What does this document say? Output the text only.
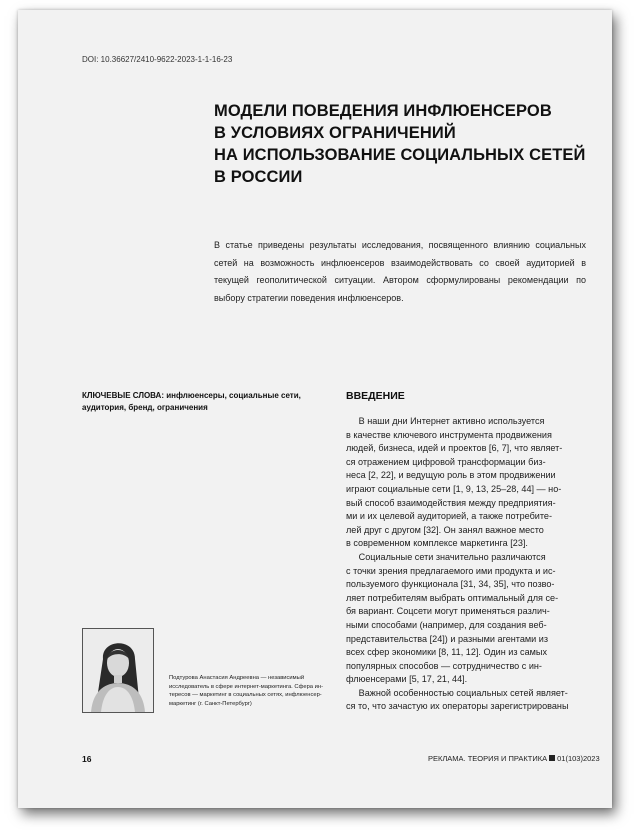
DOI: 10.36627/2410-9622-2023-1-1-16-23
МОДЕЛИ ПОВЕДЕНИЯ ИНФЛЮЕНСЕРОВ
В УСЛОВИЯХ ОГРАНИЧЕНИЙ
НА ИСПОЛЬЗОВАНИЕ СОЦИАЛЬНЫХ СЕТЕЙ
В РОССИИ
В статье приведены результаты исследования, посвященного влиянию социальных сетей на возможность инфлюенсеров взаимодействовать со своей аудиторией в текущей геополитической ситуации. Автором сформулированы рекомендации по выбору стратегии поведения инфлюенсеров.
КЛЮЧЕВЫЕ СЛОВА: инфлюенсеры, социальные сети, аудитория, бренд, ограничения
ВВЕДЕНИЕ
В наши дни Интернет активно используется
в качестве ключевого инструмента продвижения
людей, бизнеса, идей и проектов [6, 7], что являет-
ся отражением цифровой трансформации биз-
неса [2, 22], и ведущую роль в этом продвижении
играют социальные сети [1, 9, 13, 25–28, 44] — но-
вый способ взаимодействия между предприятия-
ми и их целевой аудиторией, а также потребите-
лей друг с другом [32]. Он занял важное место
в современном комплексе маркетинга [23].
Социальные сети значительно различаются
с точки зрения предлагаемого ими продукта и ис-
пользуемого функционала [31, 34, 35], что позво-
ляет потребителям выбрать оптимальный для се-
бя вариант. Соцсети могут применяться различ-
ными способами (например, для создания веб-
представительства [24]) и разными агентами из
всех сфер экономики [8, 11, 12]. Один из самых
популярных способов — сотрудничество с ин-
флюенсерами [5, 17, 21, 44].
Важной особенностью социальных сетей являет-
ся то, что зачастую их операторы зарегистрированы
Подтурова Анастасия Андреевна — независимый
исследователь в сфере интернет-маркетинга. Сфера ин-
тересов — маркетинг в социальных сетях, инфлюенсер-
маркетинг (г. Санкт-Петербург)
16	РЕКЛАМА. ТЕОРИЯ И ПРАКТИКА 01(103)2023
